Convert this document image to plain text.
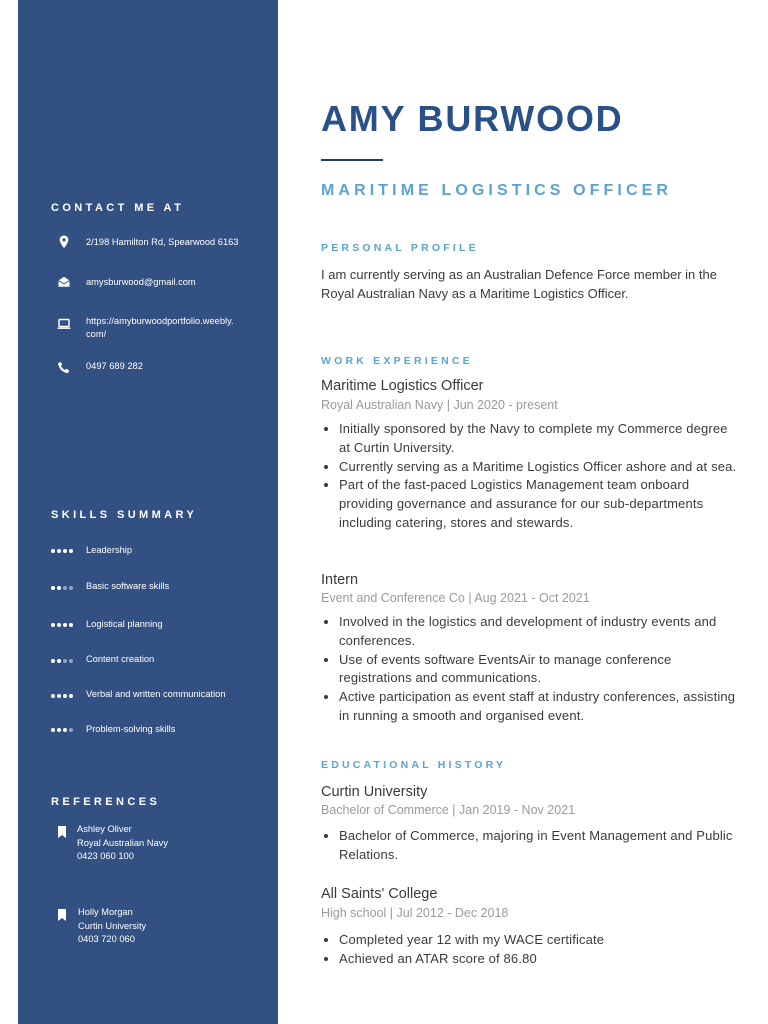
CONTACT ME AT
2/198 Hamilton Rd, Spearwood 6163
amysburwood@gmail.com
https://amyburwoodportfolio.weebly.com/
0497 689 282
SKILLS SUMMARY
Leadership
Basic software skills
Logistical planning
Content creation
Verbal and written communication
Problem-solving skills
REFERENCES
Ashley Oliver
Royal Australian Navy
0423 060 100
Holly Morgan
Curtin University
0403 720 060
AMY BURWOOD
MARITIME LOGISTICS OFFICER
PERSONAL PROFILE
I am currently serving as an Australian Defence Force member in the Royal Australian Navy as a Maritime Logistics Officer.
WORK EXPERIENCE
Maritime Logistics Officer
Royal Australian Navy | Jun 2020 - present
• Initially sponsored by the Navy to complete my Commerce degree at Curtin University.
• Currently serving as a Maritime Logistics Officer ashore and at sea.
• Part of the fast-paced Logistics Management team onboard providing governance and assurance for our sub-departments including catering, stores and stewards.
Intern
Event and Conference Co | Aug 2021 - Oct 2021
• Involved in the logistics and development of industry events and conferences.
• Use of events software EventsAir to manage conference registrations and communications.
• Active participation as event staff at industry conferences, assisting in running a smooth and organised event.
EDUCATIONAL HISTORY
Curtin University
Bachelor of Commerce | Jan 2019 - Nov 2021
• Bachelor of Commerce, majoring in Event Management and Public Relations.
All Saints' College
High school | Jul 2012 - Dec 2018
• Completed year 12 with my WACE certificate
• Achieved an ATAR score of 86.80
